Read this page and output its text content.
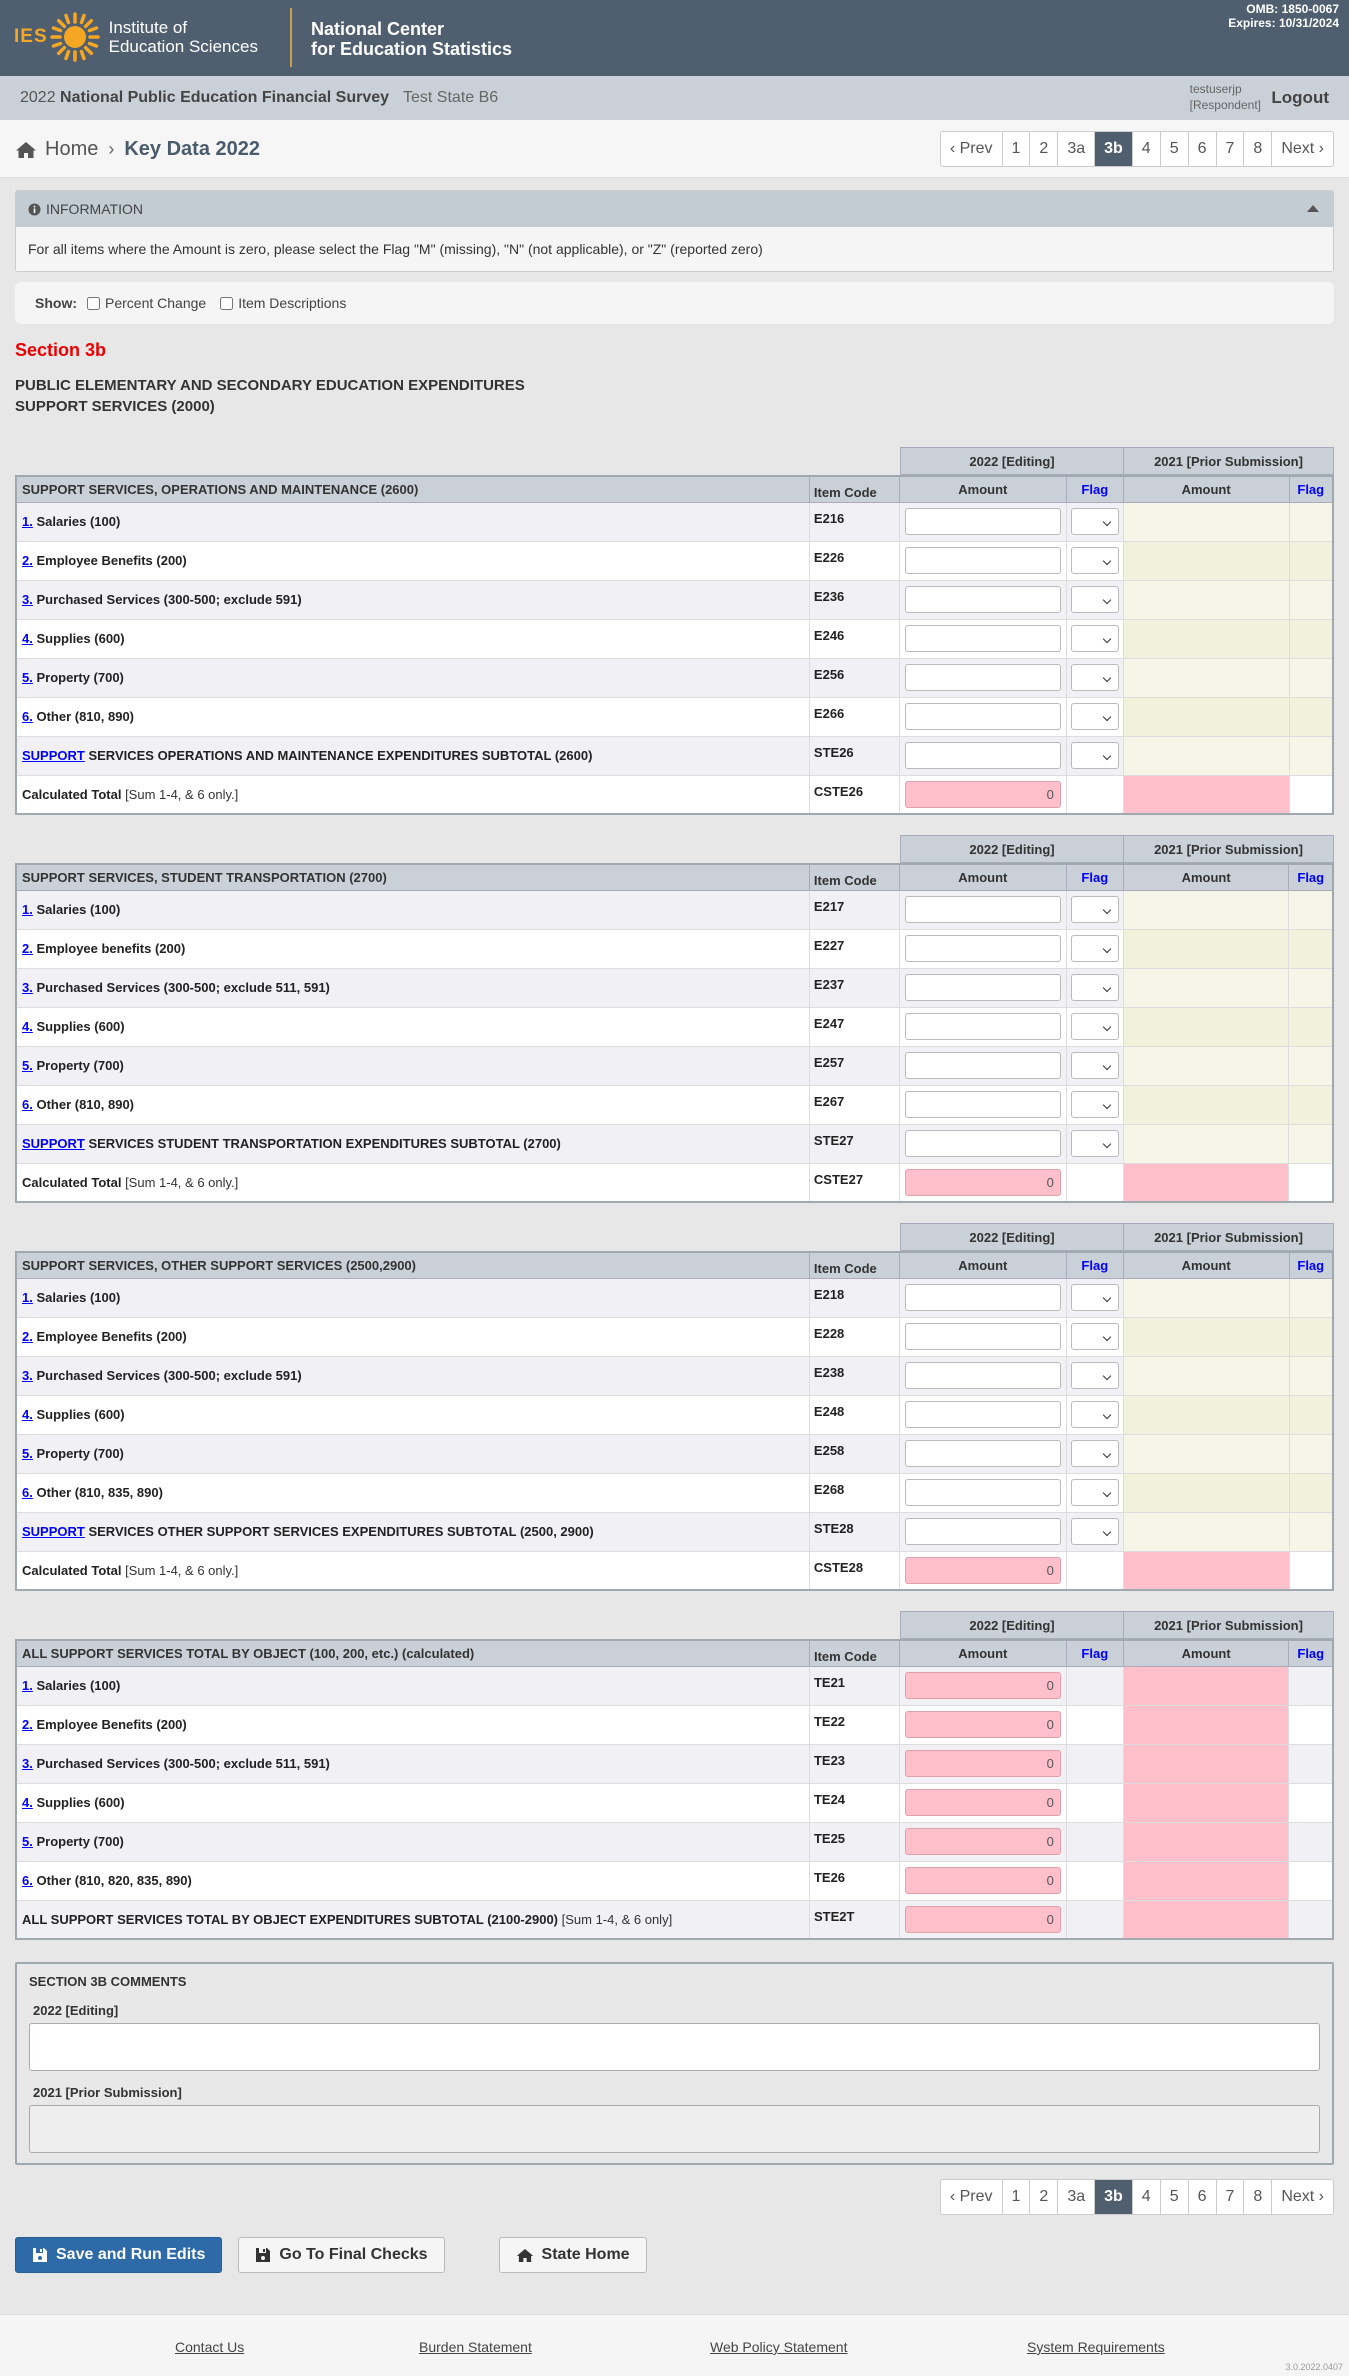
IES	Institute of
Education Sciences
National Center
for Education Statistics
OMB: 1850-0067
Expires: 10/31/2024
2022 National Public Education Financial Survey Test State B6	testuserjp
[Respondent] Logout
Home › Key Data 2022	‹ Prev	1	2	3a	3b	4	5	6	7	8	Next ›
INFORMATION
For all items where the Amount is zero, please select the Flag "M" (missing), "N" (not applicable), or "Z" (reported zero)
Show: Percent Change Item Descriptions
Section 3b
PUBLIC ELEMENTARY AND SECONDARY EDUCATION EXPENDITURES
SUPPORT SERVICES (2000)
2022 [Editing]	2021 [Prior Submission]
SUPPORT SERVICES, OPERATIONS AND MAINTENANCE (2600)	Item Code	Amount	Flag	Amount	Flag
1. Salaries (100)	E216				
2. Employee Benefits (200)	E226				
3. Purchased Services (300-500; exclude 591)	E236				
4. Supplies (600)	E246				
5. Property (700)	E256				
6. Other (810, 890)	E266				
SUPPORT SERVICES OPERATIONS AND MAINTENANCE EXPENDITURES SUBTOTAL (2600)	STE26				
Calculated Total [Sum 1-4, & 6 only.]	CSTE26	0			
2022 [Editing]	2021 [Prior Submission]
SUPPORT SERVICES, STUDENT TRANSPORTATION (2700)	Item Code	Amount	Flag	Amount	Flag
1. Salaries (100)	E217				
2. Employee benefits (200)	E227				
3. Purchased Services (300-500; exclude 511, 591)	E237				
4. Supplies (600)	E247				
5. Property (700)	E257				
6. Other (810, 890)	E267				
SUPPORT SERVICES STUDENT TRANSPORTATION EXPENDITURES SUBTOTAL (2700)	STE27				
Calculated Total [Sum 1-4, & 6 only.]	CSTE27	0			
2022 [Editing]	2021 [Prior Submission]
SUPPORT SERVICES, OTHER SUPPORT SERVICES (2500,2900)	Item Code	Amount	Flag	Amount	Flag
1. Salaries (100)	E218				
2. Employee Benefits (200)	E228				
3. Purchased Services (300-500; exclude 591)	E238				
4. Supplies (600)	E248				
5. Property (700)	E258				
6. Other (810, 835, 890)	E268				
SUPPORT SERVICES OTHER SUPPORT SERVICES EXPENDITURES SUBTOTAL (2500, 2900)	STE28				
Calculated Total [Sum 1-4, & 6 only.]	CSTE28	0			
2022 [Editing]	2021 [Prior Submission]
ALL SUPPORT SERVICES TOTAL BY OBJECT (100, 200, etc.) (calculated)	Item Code	Amount	Flag	Amount	Flag
1. Salaries (100)	TE21	0			
2. Employee Benefits (200)	TE22	0			
3. Purchased Services (300-500; exclude 511, 591)	TE23	0			
4. Supplies (600)	TE24	0			
5. Property (700)	TE25	0			
6. Other (810, 820, 835, 890)	TE26	0			
ALL SUPPORT SERVICES TOTAL BY OBJECT EXPENDITURES SUBTOTAL (2100-2900) [Sum 1-4, & 6 only]	STE2T	0			
SECTION 3B COMMENTS
2022 [Editing]
2021 [Prior Submission]
‹ Prev	1	2	3a	3b	4	5	6	7	8	Next ›
Save and Run Edits	Go To Final Checks	State Home
Contact Us	Burden Statement	Web Policy Statement	System Requirements
3.0.2022.0407
